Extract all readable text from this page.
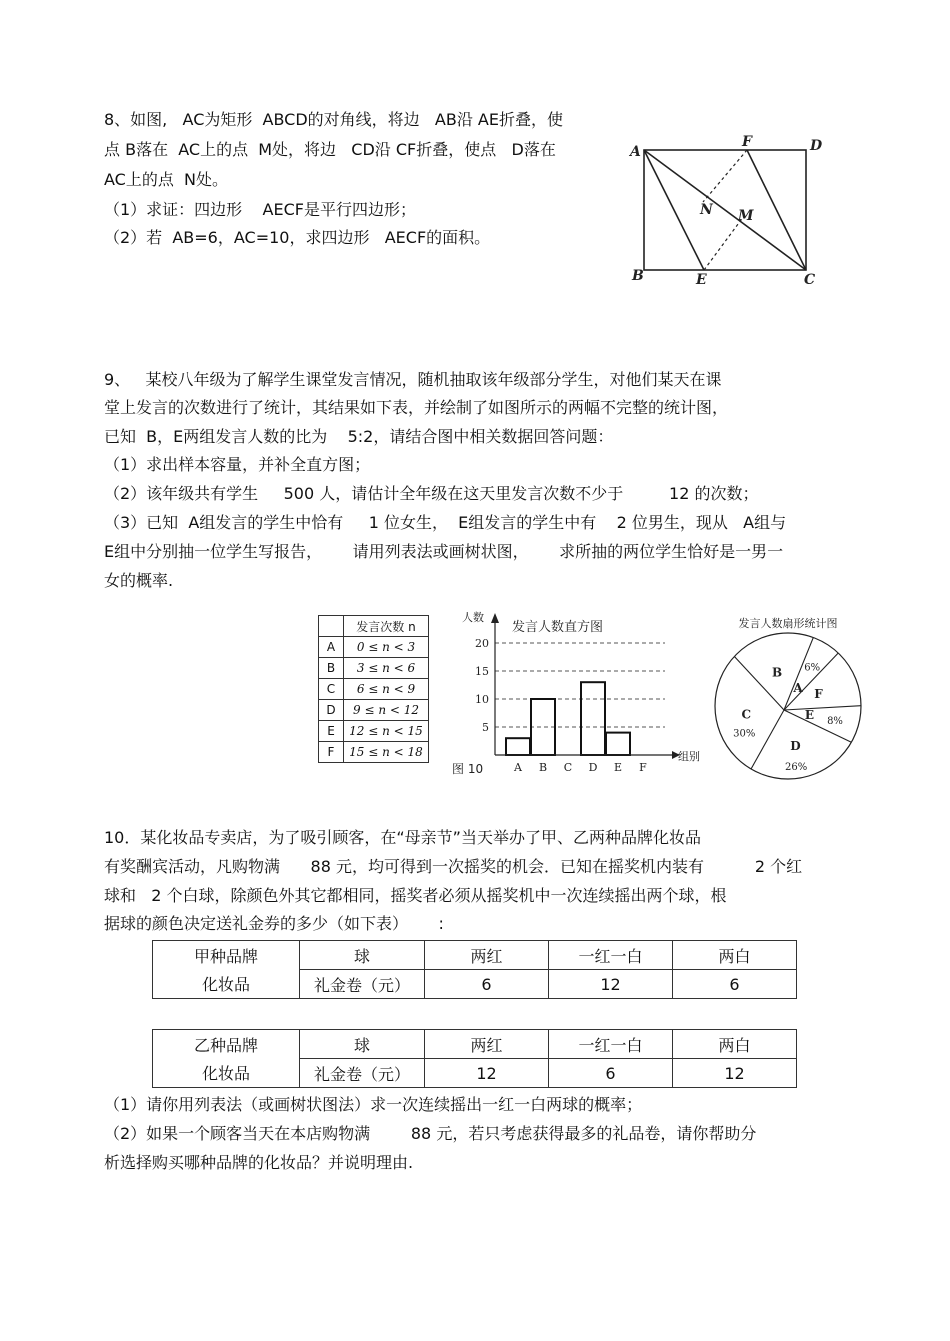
8、如图,   AC为矩形  ABCD的对角线，将边   AB沿 AE折叠，使
点 B落在  AC上的点  M处，将边   CD沿 CF折叠，使点   D落在
AC上的点  N处。
（1）求证：四边形    AECF是平行四边形；
（2）若  AB=6，AC=10，求四边形   AECF的面积。
A	D
F
B	E	C
N M
9、   某校八年级为了解学生课堂发言情况，随机抽取该年级部分学生，对他们某天在课
堂上发言的次数进行了统计，其结果如下表，并绘制了如图所示的两幅不完整的统计图，
已知  B，E两组发言人数的比为    5:2，请结合图中相关数据回答问题：
（1）求出样本容量，并补全直方图；
（2）该年级共有学生     500 人，请估计全年级在这天里发言次数不少于         12 的次数；
（3）已知  A组发言的学生中恰有     1 位女生，  E组发言的学生中有    2 位男生，现从   A组与
E组中分别抽一位学生写报告，      请用列表法或画树状图，      求所抽的两位学生恰好是一男一
女的概率.
	发言次数 n
A	0 ≤ n < 3
B	3 ≤ n < 6
C	6 ≤ n < 9
D	9 ≤ n < 12
E	12 ≤ n < 15
F	15 ≤ n < 18
5
10
15
20
A B C D E F
人数
发言人数直方图
组别
图 10
发言人数扇形统计图
A
6%
F
E 8%
D
26%
C
30%
B
10．某化妆品专卖店，为了吸引顾客，在“母亲节”当天举办了甲、乙两种品牌化妆品
有奖酬宾活动，凡购物满      88 元，均可得到一次摇奖的机会．已知在摇奖机内装有          2 个红
球和   2 个白球，除颜色外其它都相同，摇奖者必须从摇奖机中一次连续摇出两个球，根
据球的颜色决定送礼金券的多少（如下表）      :
甲种品牌	球	两红	一红一白	两白
化妆品	礼金卷（元）	6	12	6
乙种品牌	球	两红	一红一白	两白
化妆品	礼金卷（元）	12	6	12
（1）请你用列表法（或画树状图法）求一次连续摇出一红一白两球的概率；
（2）如果一个顾客当天在本店购物满        88 元，若只考虑获得最多的礼品卷，请你帮助分
析选择购买哪种品牌的化妆品？并说明理由.
